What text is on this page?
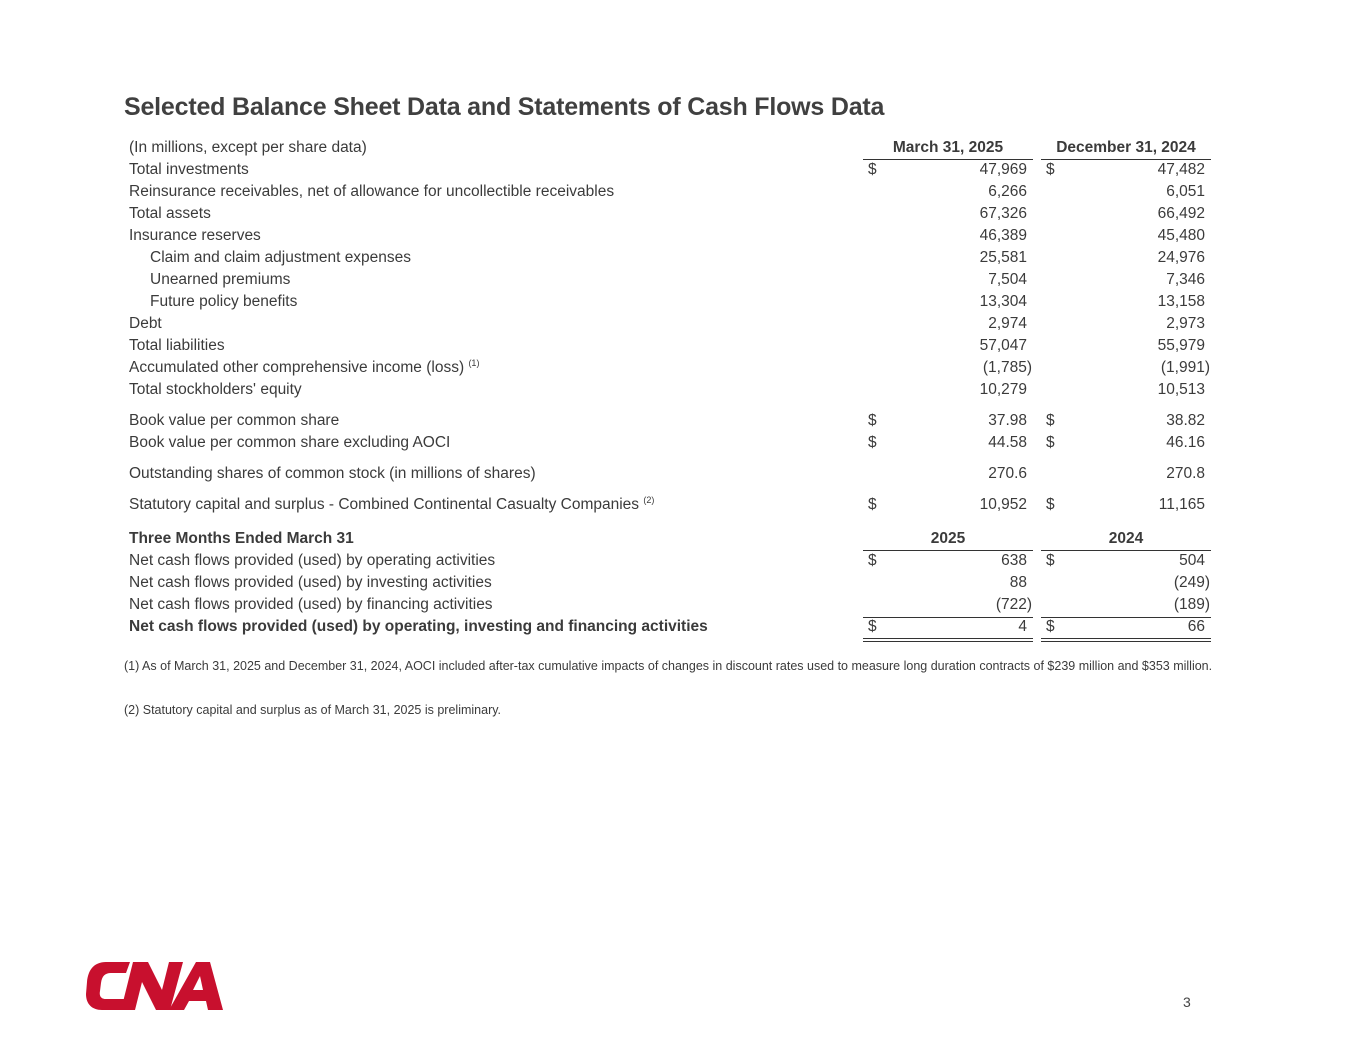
Selected Balance Sheet Data and Statements of Cash Flows Data
(In millions, except per share data)	March 31, 2025	December 31, 2024
Total investments	$	47,969 $	47,482
Reinsurance receivables, net of allowance for uncollectible receivables	6,266	6,051
Total assets	67,326	66,492
Insurance reserves	46,389	45,480
Claim and claim adjustment expenses	25,581	24,976
Unearned premiums	7,504	7,346
Future policy benefits	13,304	13,158
Debt	2,974	2,973
Total liabilities	57,047	55,979
Accumulated other comprehensive income (loss) $^{(1)}$	(1,785)	(1,991)
Total stockholders' equity	10,279	10,513
Book value per common share	$	37.98 $	38.82
Book value per common share excluding AOCI	$	44.58 $	46.16
Outstanding shares of common stock (in millions of shares)	270.6	270.8
Statutory capital and surplus - Combined Continental Casualty Companies $^{(2)}$	$	10,952 $	11,165
Three Months Ended March 31	2025	2024
Net cash flows provided (used) by operating activities	$	638 $	504
Net cash flows provided (used) by investing activities	88	(249)
Net cash flows provided (used) by financing activities	(722)	(189)
Net cash flows provided (used) by operating, investing and financing activities	$	4 $	66
(1) As of March 31, 2025 and December 31, 2024, AOCI included after-tax cumulative impacts of changes in discount rates used to measure long duration contracts of $239 million and $353 million.
(2) Statutory capital and surplus as of March 31, 2025 is preliminary.
3
